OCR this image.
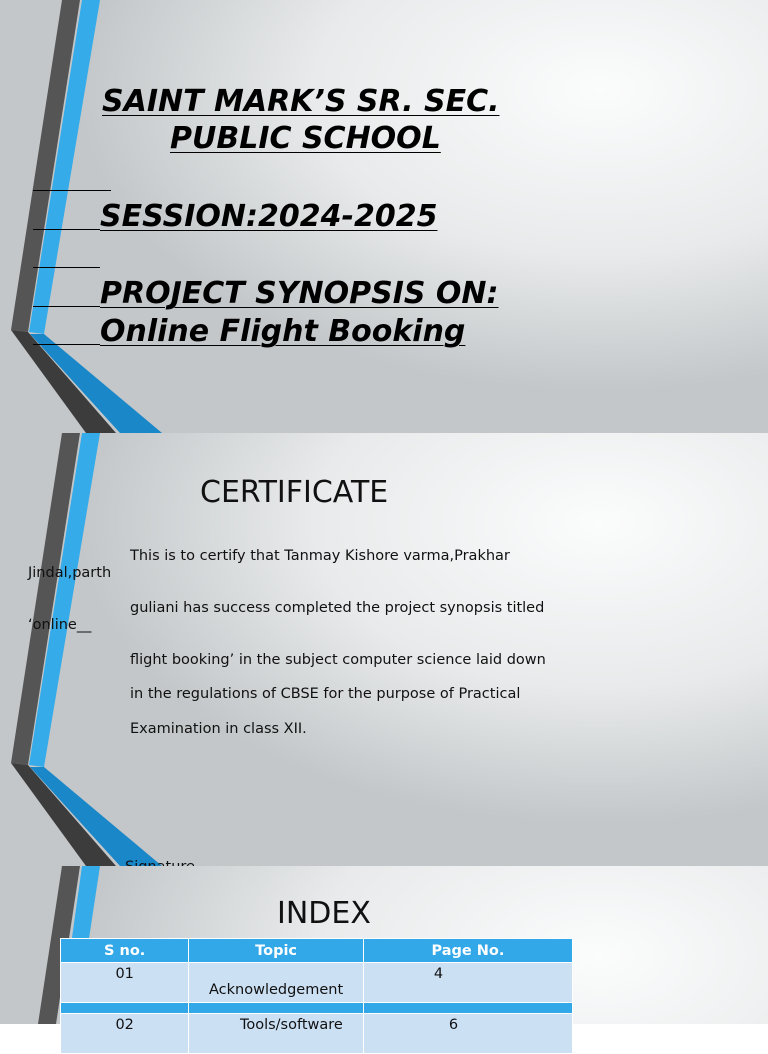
SAINT MARK’S SR. SEC.
PUBLIC SCHOOL
SESSION:2024-2025
PROJECT SYNOPSIS ON:
Online Flight Booking
CERTIFICATE
This is to certify that Tanmay Kishore varma,Prakhar
Jindal,parth
guliani has success completed the project synopsis titled
‘online__
flight booking’ in the subject computer science laid down
in the regulations of CBSE for the purpose of Practical
Examination in class XII.
INDEX
S no.	Topic	Page No.
01	Acknowledgement	4

02	Tools/software	6
